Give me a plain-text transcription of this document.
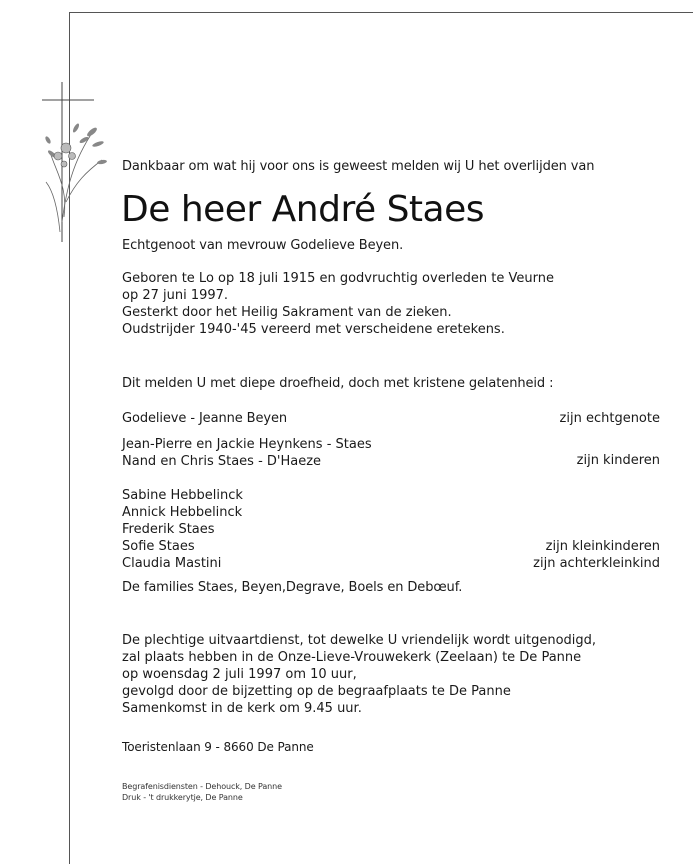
Dankbaar om wat hij voor ons is geweest melden wij U het overlijden van
De heer André Staes
Echtgenoot van mevrouw Godelieve Beyen.
Geboren te Lo op 18 juli 1915 en godvruchtig overleden te Veurne
op 27 juni 1997.
Gesterkt door het Heilig Sakrament van de zieken.
Oudstrijder 1940-'45 vereerd met verscheidene eretekens.
Dit melden U met diepe droefheid, doch met kristene gelatenheid :
Godelieve - Jeanne Beyen	zijn echtgenote
Jean-Pierre en Jackie Heynkens - Staes
Nand en Chris Staes - D'Haeze	zijn kinderen
Sabine Hebbelinck
Annick Hebbelinck
Frederik Staes
Sofie Staes
Claudia Mastini
zijn kleinkinderen
zijn achterkleinkind
De families Staes, Beyen,Degrave, Boels en Debœuf.
De plechtige uitvaartdienst, tot dewelke U vriendelijk wordt uitgenodigd,
zal plaats hebben in de Onze-Lieve-Vrouwekerk (Zeelaan) te De Panne
op woensdag 2 juli 1997 om 10 uur,
gevolgd door de bijzetting op de begraafplaats te De Panne
Samenkomst in de kerk om 9.45 uur.
Toeristenlaan 9 - 8660 De Panne
Begrafenisdiensten - Dehouck, De Panne
Druk - 't drukkerytje, De Panne
